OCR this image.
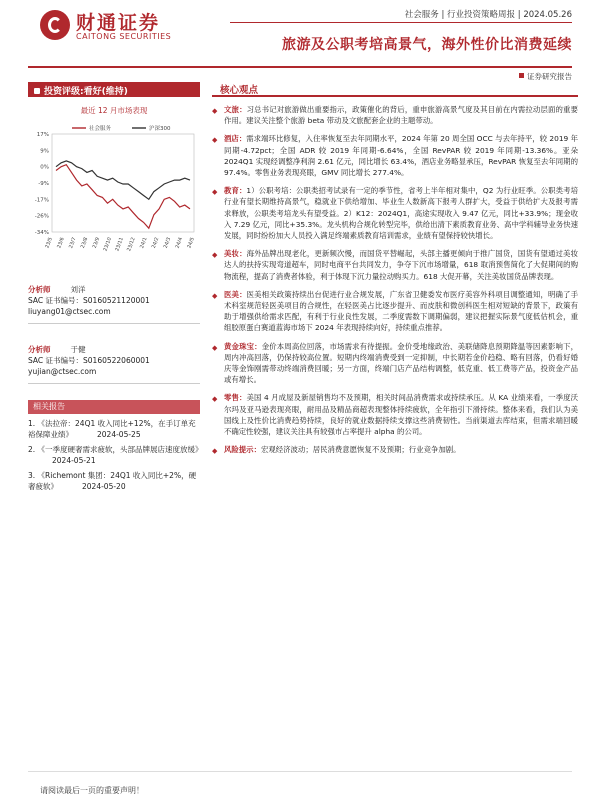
财通证券
CAITONG SECURITIES
社会服务 | 行业投资策略周报 | 2024.05.26
旅游及公职考培高景气，海外性价比消费延续
证券研究报告
投资评级:看好(维持)
最近 12 月市场表现
17%
9%
0%
-9%
-17%
-26%
-34%
23/5 23/6 23/7 23/8 23/9 23/10 23/11 23/12 24/1 24/2 24/3 24/4 24/5
社会服务	沪深300
分析师	刘洋
SAC 证书编号：S0160521120001
liuyang01@ctsec.com
分析师	于健
SAC 证书编号：S0160522060001
yujian@ctsec.com
相关报告
1. 《法拉帝：24Q1 收入同比+12%，在手订单充裕保障业绩》	2024-05-25
2. 《一季度硬奢需求疲软，头部品牌展店速度放缓》2024-05-21
3. 《Richemont 集团：24Q1 收入同比+2%，硬奢疲软》	2024-05-20
核心观点
◆ 文旅：习总书记对旅游做出重要指示，政策催化的背后，重申旅游高景气度及其目前在内需拉动层面的重要作用。建议关注整个旅游 beta 带动及文旅配套企业的主题带动。
◆ 酒店：需求端环比修复，入住率恢复至去年同期水平，2024 年第 20 周全国 OCC 与去年持平，较 2019 年同期-4.72pct；全国 ADR 较 2019 年同期-6.64%，全国 RevPAR 较 2019 年同期-13.36%。亚朵 2024Q1 实现经调整净利润 2.61 亿元，同比增长 63.4%，酒店业务略显承压，RevPAR 恢复至去年同期的 97.4%。零售业务表现亮眼，GMV 同比增长 277.4%。
◆ 教育：1）公职考培：公职类招考试录有一定的季节性，省考上半年相对集中，Q2 为行业旺季。公职类考培行业有望长期维持高景气，稳就业下供给增加、毕业生人数新高下报考人群扩大，受益于供给扩大及报考需求释放，公职类考培龙头有望受益。2）K12：2024Q1，高途实现收入 9.47 亿元，同比+33.9%；现金收入 7.29 亿元，同比+35.3%。龙头机构合规化转型完毕，供给出清下素质教育业务、高中学科辅导业务快速发展，同时纷纷加大人员投入满足终端素质教育培训需求，业绩有望保持较快增长。
◆ 美妆：海外品牌出现老化，更新频次慢，而国货平替崛起，头部主播更倾向于推广国货，国货有望通过美妆达人的扶持实现弯道超车，同时电商平台共同发力，争夺下沉市场增量，618 取消预售简化了大促期间的购物流程，提高了消费者体验，利于体现下沉力量拉动购买力。618 大促开幕，关注美妆国货品牌表现。
◆ 医美：医美相关政策持续出台促进行业合规发展，广东省卫健委发布医疗美容外科项目调整通知，明确了手术科室规范轻医美项目的合规性，在轻医美占比逐步提升、而皮肤和微创科医生相对短缺的背景下，政策有助于增强供给需求匹配，有利于行业良性发展，二季度需数下调期偏弱，建议把握实际景气度低估机会，重组胶原蛋白赛道蓝海市场下 2024 年表现持续向好，持续重点推荐。
◆ 黄金珠宝：金价本周高位回落，市场需求有待提振。金价受地缘政治、美联储降息预期降温等因素影响下，周内冲高回落，仍保持较高位置。短期内终端消费受到一定抑制，中长期若金价趋稳、略有回落，仍看好婚庆等金饰刚需带动终端消费回暖；另一方面，终端门店产品结构调整，低克重、低工费等产品，投资金产品或有增长。
◆ 零售：美国 4 月成屋及新屋销售均不及预期，相关时间品消费需求或持续承压。从 KA 业绩来看，一季度沃尔玛及亚马逊表现亮眼，耐用品及精品商超表现整体持续疲软，全年指引下滑持续。整体来看，我们认为美国线上及性价比消费趋势持续，良好的就业数据持续支撑这些消费韧性。当前渠道去库结束，但需求端回暖不确定性较强，建议关注具有较强市占率提升 alpha 的公司。
◆ 风险提示：宏观经济波动；居民消费意愿恢复不及预期；行业竞争加剧。
请阅读最后一页的重要声明！
